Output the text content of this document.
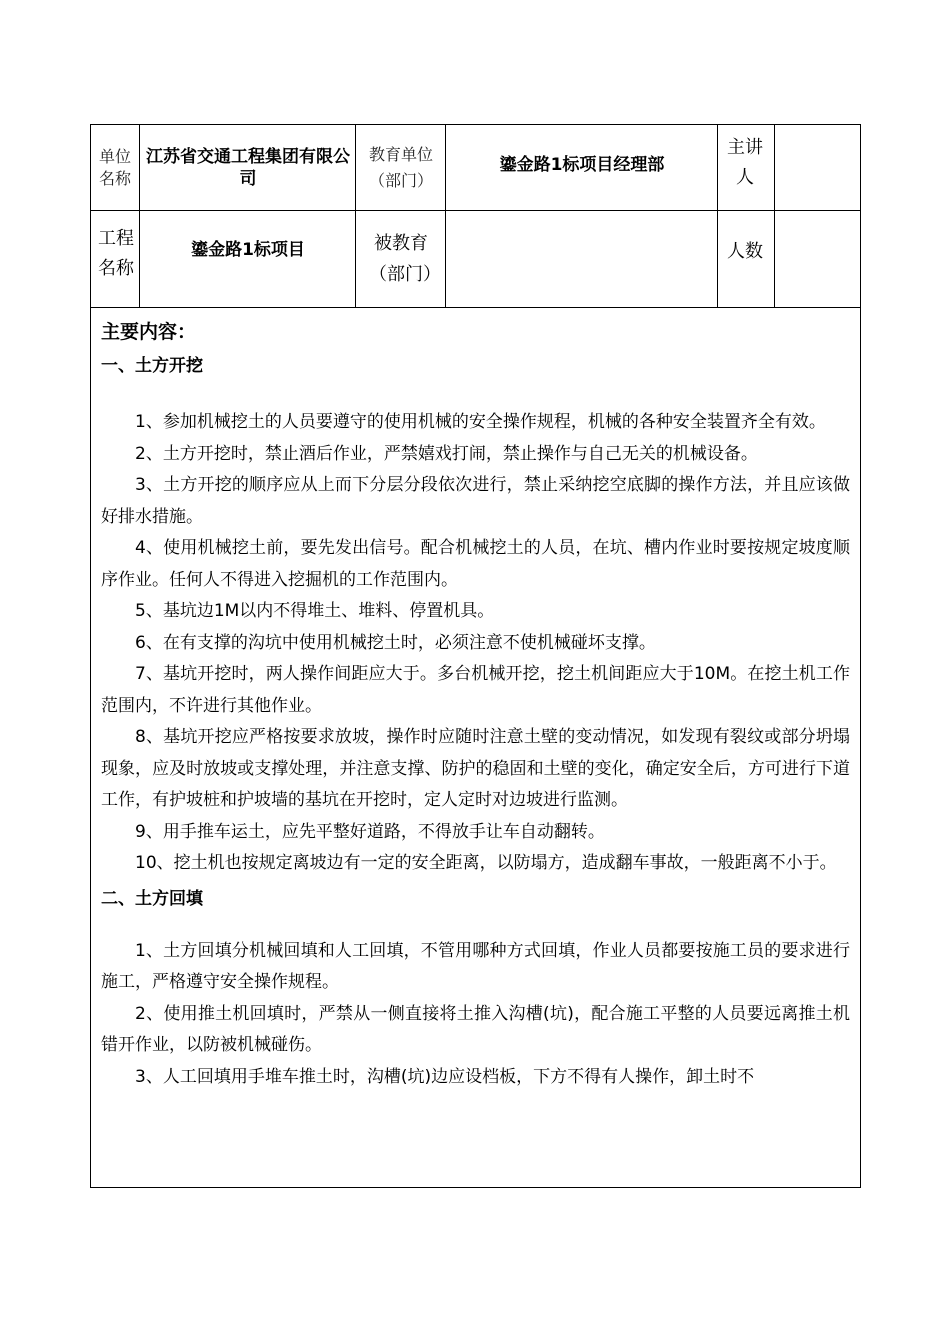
单位名称
江苏省交通工程集团有限公司
教育单位（部门）
鎏金路1标项目经理部
主讲人
工程名称
鎏金路1标项目	被教育（部门）
人数
主要内容：
一、土方开挖

1、参加机械挖土的人员要遵守的使用机械的安全操作规程，机械的各种安全装置齐全有效。

2、土方开挖时，禁止酒后作业，严禁嬉戏打闹，禁止操作与自己无关的机械设备。

3、土方开挖的顺序应从上而下分层分段依次进行，禁止采纳挖空底脚的操作方法，并且应该做好排水措施。

4、使用机械挖土前，要先发出信号。配合机械挖土的人员，在坑、槽内作业时要按规定坡度顺序作业。任何人不得进入挖掘机的工作范围内。

5、基坑边1M以内不得堆土、堆料、停置机具。

6、在有支撑的沟坑中使用机械挖土时，必须注意不使机械碰坏支撑。

7、基坑开挖时，两人操作间距应大于。多台机械开挖，挖土机间距应大于10M。在挖土机工作范围内，不许进行其他作业。

8、基坑开挖应严格按要求放坡，操作时应随时注意土壁的变动情况，如发现有裂纹或部分坍塌现象，应及时放坡或支撑处理，并注意支撑、防护的稳固和土壁的变化，确定安全后，方可进行下道工作，有护坡桩和护坡墙的基坑在开挖时，定人定时对边坡进行监测。

9、用手推车运土，应先平整好道路，不得放手让车自动翻转。

10、挖土机也按规定离坡边有一定的安全距离，以防塌方，造成翻车事故，一般距离不小于。

二、土方回填

1、土方回填分机械回填和人工回填，不管用哪种方式回填，作业人员都要按施工员的要求进行施工，严格遵守安全操作规程。

2、使用推土机回填时，严禁从一侧直接将土推入沟槽(坑)，配合施工平整的人员要远离推土机错开作业，以防被机械碰伤。

3、人工回填用手堆车推土时，沟槽(坑)边应设档板，下方不得有人操作，卸土时不
